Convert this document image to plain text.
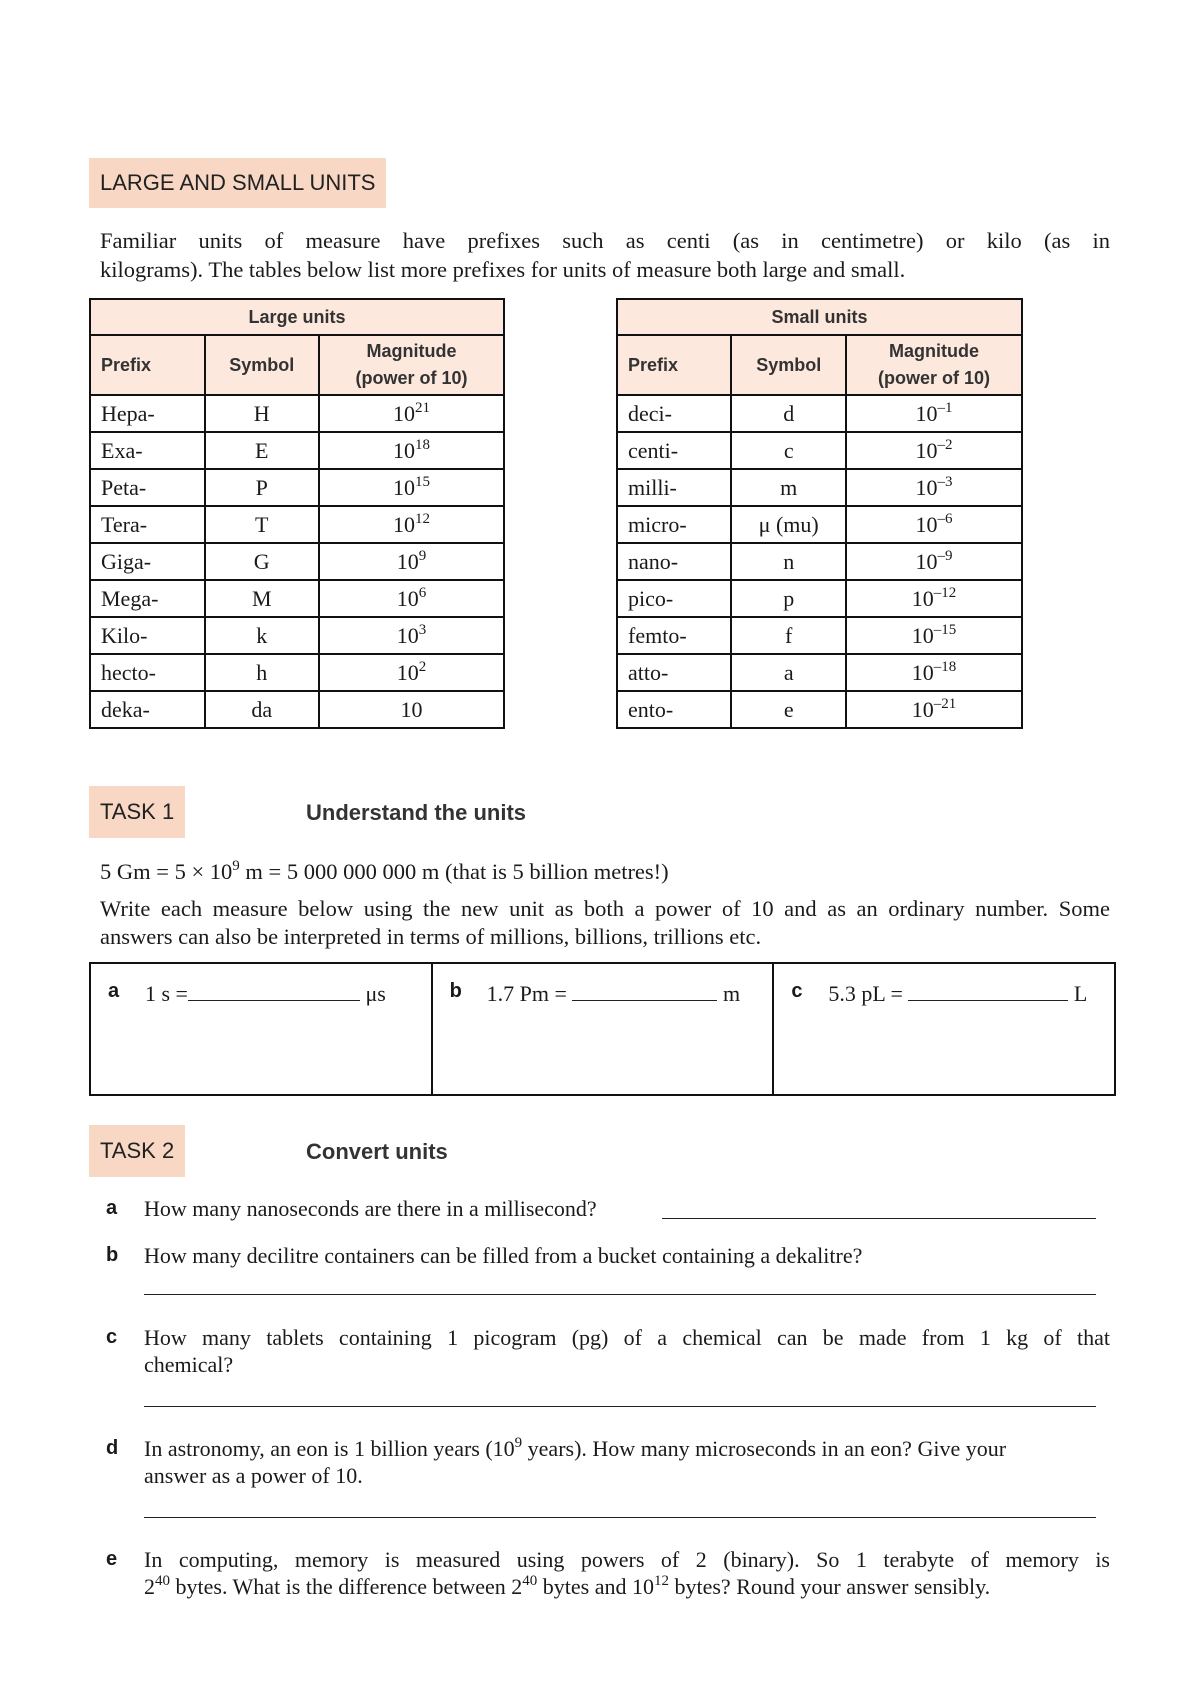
LARGE AND SMALL UNITS
Familiar units of measure have prefixes such as centi (as in centimetre) or kilo (as in
kilograms). The tables below list more prefixes for units of measure both large and small.
Large units		
Prefix	Symbol	Magnitude
(power of 10)
Hepa-	H	$10^{21}$
Exa-	E	$10^{18}$
Peta-	P	$10^{15}$
Tera-	T	$10^{12}$
Giga-	G	$10^9$
Mega-	M	$10^6$
Kilo-	k	$10^3$
hecto-	h	$10^2$
deka-	da	10
Small units		
Prefix	Symbol	Magnitude
(power of 10)
deci-	d	$10^{-1}$
centi-	c	$10^{-2}$
milli-	m	$10^{-3}$
micro-	μ (mu)	$10^{-6}$
nano-	n	$10^{-9}$
pico-	p	$10^{-12}$
femto-	f	$10^{-15}$
atto-	a	$10^{-18}$
ento-	e	$10^{-21}$
TASK 1	Understand the units
5 $Gm = 5 \times 10^9$ m = 5 000 000 000 m (that is 5 billion metres!)
Write each measure below using the new unit as both a power of 10 and as an ordinary number. Some
answers can also be interpreted in terms of millions, billions, trillions etc.
a 1 s =	μs	b 1.7 Pm =	m	c 5.3 pL =	L
TASK 2	Convert units
a How many nanoseconds are there in a millisecond?
b How many decilitre containers can be filled from a bucket containing a dekalitre?
c How many tablets containing 1 picogram (pg) of a chemical can be made from 1 kg of that
chemical?
d In astronomy, an eon is 1 billion years ($10^9$ years). How many microseconds in an eon? Give your
answer as a power of 10.
e In computing, memory is measured using powers of 2 (binary). So 1 terabyte of memory is
$2^{40}$ bytes. What is the difference between $2^{40}$ bytes and $10^{12}$ bytes? Round your answer sensibly.
